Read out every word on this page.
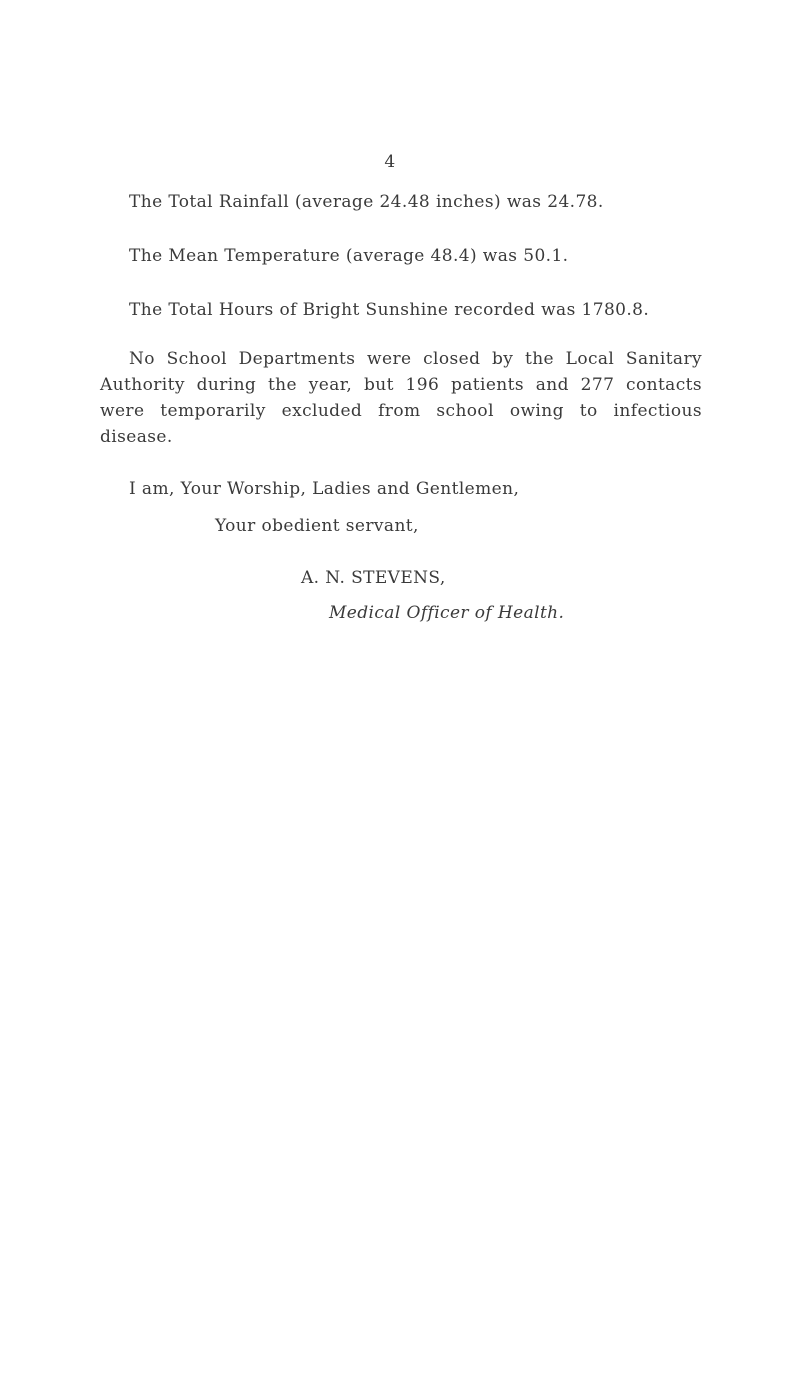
4
The Total Rainfall (average 24.48 inches) was 24.78.
The Mean Temperature (average 48.4) was 50.1.
The Total Hours of Bright Sunshine recorded was 1780.8.
No School Departments were closed by the Local Sanitary
Authority during the year, but 196 patients and 277 contacts
were temporarily excluded from school owing to infectious
disease.
I am, Your Worship, Ladies and Gentlemen,
Your obedient servant,
A. N. STEVENS,
Medical Officer of Health.
